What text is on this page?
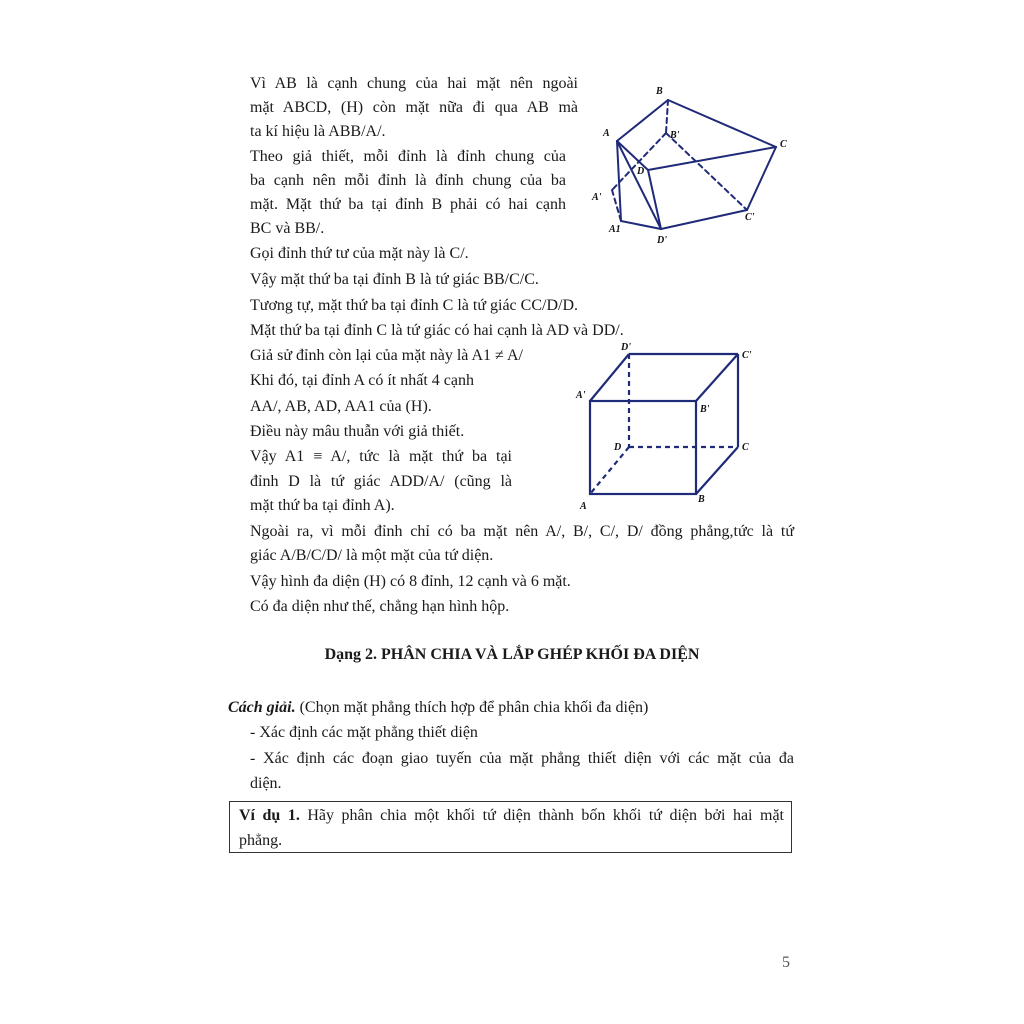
Vì AB là cạnh chung của hai mặt nên ngoài
mặt ABCD, (H) còn mặt nữa đi qua AB mà
ta kí hiệu là ABB/A/.
Theo giả thiết, mỗi đỉnh là đỉnh chung của
ba cạnh nên mỗi đỉnh là đỉnh chung của ba
mặt. Mặt thứ ba tại đỉnh B phải có hai cạnh
BC và BB/.
Gọi đỉnh thứ tư của mặt này là C/.
Vậy mặt thứ ba tại đỉnh B là tứ giác BB/C/C.
Tương tự, mặt thứ ba tại đỉnh C là tứ giác CC/D/D.
Mặt thứ ba tại đỉnh C là tứ giác có hai cạnh là AD và DD/.
Giả sử đỉnh còn lại của mặt này là A1 ≠ A/
Khi đó, tại đỉnh A có ít nhất 4 cạnh
AA/, AB, AD, AA1 của (H).
Điều này mâu thuẫn với giả thiết.
Vậy A1 ≡ A/, tức là mặt thứ ba tại
đỉnh D là tứ giác ADD/A/ (cũng là
mặt thứ ba tại đỉnh A).
Ngoài ra, vì mỗi đỉnh chỉ có ba mặt nên A/, B/, C/, D/ đồng phẳng,tức là tứ
giác A/B/C/D/ là một mặt của tứ diện.
Vậy hình đa diện (H) có 8 đỉnh, 12 cạnh và 6 mặt.
Có đa diện như thế, chẳng hạn hình hộp.
Dạng 2. PHÂN CHIA VÀ LẮP GHÉP KHỐI ĐA DIỆN
Cách giải. (Chọn mặt phẳng thích hợp để phân chia khối đa diện)
- Xác định các mặt phẳng thiết diện
- Xác định các đoạn giao tuyến của mặt phẳng thiết diện với các mặt của đa
diện.
Ví dụ 1. Hãy phân chia một khối tứ diện thành bốn khối tứ diện bởi hai mặt
phẳng.
5
B
A	B'
C
D
A'
C'
A1
D'
D'
C'
A'
B'
D	C
A
B
